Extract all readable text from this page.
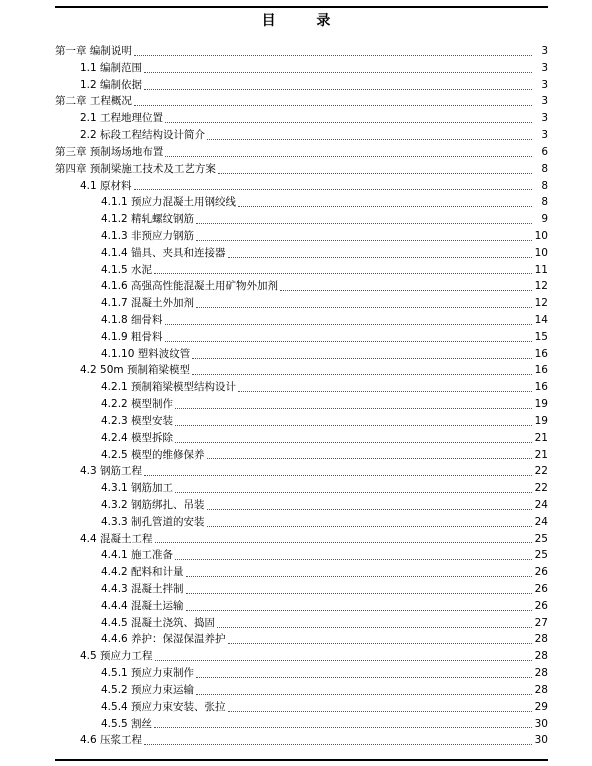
目 录
第一章 编制说明	3
1.1 编制范围	3
1.2 编制依据	3
第二章 工程概况	3
2.1 工程地理位置	3
2.2 标段工程结构设计简介	3
第三章 预制场场地布置	6
第四章 预制梁施工技术及工艺方案	8
4.1 原材料	8
4.1.1 预应力混凝土用钢绞线	8
4.1.2 精轧螺纹钢筋	9
4.1.3 非预应力钢筋	10
4.1.4 锚具、夹具和连接器	10
4.1.5 水泥	11
4.1.6 高强高性能混凝土用矿物外加剂	12
4.1.7 混凝土外加剂	12
4.1.8 细骨料	14
4.1.9 粗骨料	15
4.1.10 塑料波纹管	16
4.2 50m 预制箱梁模型	16
4.2.1 预制箱梁模型结构设计	16
4.2.2 模型制作	19
4.2.3 模型安装	19
4.2.4 模型拆除	21
4.2.5 模型的维修保养	21
4.3 钢筋工程	22
4.3.1 钢筋加工	22
4.3.2 钢筋绑扎、吊装	24
4.3.3 制孔管道的安装	24
4.4 混凝土工程	25
4.4.1 施工准备	25
4.4.2 配料和计量	26
4.4.3 混凝土拌制	26
4.4.4 混凝土运输	26
4.4.5 混凝土浇筑、捣固	27
4.4.6 养护：保湿保温养护	28
4.5 预应力工程	28
4.5.1 预应力束制作	28
4.5.2 预应力束运输	28
4.5.4 预应力束安装、张拉	29
4.5.5 割丝	30
4.6 压浆工程	30
